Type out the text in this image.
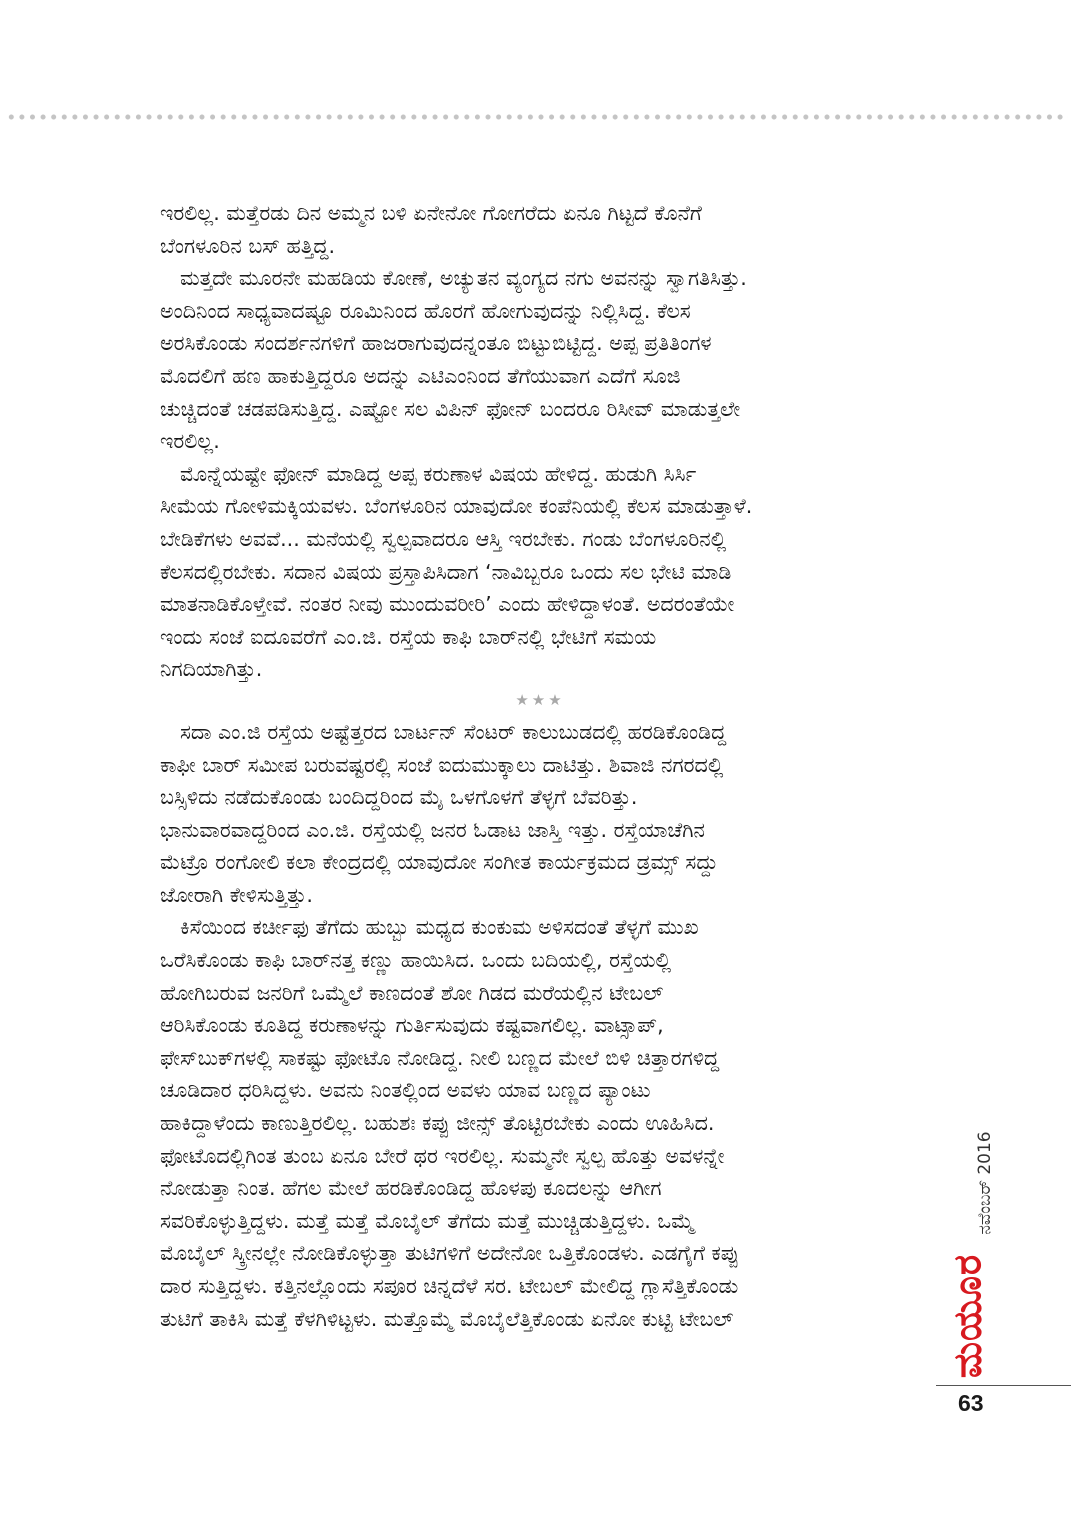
ಇರಲಿಲ್ಲ. ಮತ್ತೆರಡು ದಿನ ಅಮ್ಮನ ಬಳಿ ಏನೇನೋ ಗೋಗರೆದು ಏನೂ ಗಿಟ್ಟದೆ ಕೊನೆಗೆ

ಬೆಂಗಳೂರಿನ ಬಸ್ ಹತ್ತಿದ್ದ.

ಮತ್ತದೇ ಮೂರನೇ ಮಹಡಿಯ ಕೋಣೆ, ಅಚ್ಯುತನ ವ್ಯಂಗ್ಯದ ನಗು ಅವನನ್ನು ಸ್ವಾಗತಿಸಿತ್ತು.

ಅಂದಿನಿಂದ ಸಾಧ್ಯವಾದಷ್ಟೂ ರೂಮಿನಿಂದ ಹೊರಗೆ ಹೋಗುವುದನ್ನು ನಿಲ್ಲಿಸಿದ್ದ. ಕೆಲಸ

ಅರಸಿಕೊಂಡು ಸಂದರ್ಶನಗಳಿಗೆ ಹಾಜರಾಗುವುದನ್ನಂತೂ ಬಿಟ್ಟುಬಿಟ್ಟಿದ್ದ. ಅಪ್ಪ ಪ್ರತಿತಿಂಗಳ

ಮೊದಲಿಗೆ ಹಣ ಹಾಕುತ್ತಿದ್ದರೂ ಅದನ್ನು ಎಟಿಎಂನಿಂದ ತೆಗೆಯುವಾಗ ಎದೆಗೆ ಸೂಜಿ

ಚುಚ್ಚಿದಂತೆ ಚಡಪಡಿಸುತ್ತಿದ್ದ. ಎಷ್ಟೋ ಸಲ ವಿಪಿನ್ ಫೋನ್ ಬಂದರೂ ರಿಸೀವ್ ಮಾಡುತ್ತಲೇ

ಇರಲಿಲ್ಲ.

ಮೊನ್ನೆಯಷ್ಟೇ ಫೋನ್ ಮಾಡಿದ್ದ ಅಪ್ಪ ಕರುಣಾಳ ವಿಷಯ ಹೇಳಿದ್ದ. ಹುಡುಗಿ ಸಿರ್ಸಿ

ಸೀಮೆಯ ಗೋಳಿಮಕ್ಕಿಯವಳು. ಬೆಂಗಳೂರಿನ ಯಾವುದೋ ಕಂಪೆನಿಯಲ್ಲಿ ಕೆಲಸ ಮಾಡುತ್ತಾಳೆ.

ಬೇಡಿಕೆಗಳು ಅವವೆ... ಮನೆಯಲ್ಲಿ ಸ್ವಲ್ಪವಾದರೂ ಆಸ್ತಿ ಇರಬೇಕು. ಗಂಡು ಬೆಂಗಳೂರಿನಲ್ಲಿ

ಕೆಲಸದಲ್ಲಿರಬೇಕು. ಸದಾನ ವಿಷಯ ಪ್ರಸ್ತಾಪಿಸಿದಾಗ ‘ನಾವಿಬ್ಬರೂ ಒಂದು ಸಲ ಭೇಟಿ ಮಾಡಿ

ಮಾತನಾಡಿಕೊಳ್ತೇವೆ. ನಂತರ ನೀವು ಮುಂದುವರೀರಿ’ ಎಂದು ಹೇಳಿದ್ದಾಳಂತೆ. ಅದರಂತೆಯೇ

ಇಂದು ಸಂಜೆ ಐದೂವರೆಗೆ ಎಂ.ಜಿ. ರಸ್ತೆಯ ಕಾಫಿ ಬಾರ್‌ನಲ್ಲಿ ಭೇಟಿಗೆ ಸಮಯ

ನಿಗದಿಯಾಗಿತ್ತು.

★★★

ಸದಾ ಎಂ.ಜಿ ರಸ್ತೆಯ ಅಷ್ಟೆತ್ತರದ ಬಾರ್ಟನ್ ಸೆಂಟರ್ ಕಾಲುಬುಡದಲ್ಲಿ ಹರಡಿಕೊಂಡಿದ್ದ

ಕಾಫೀ ಬಾರ್ ಸಮೀಪ ಬರುವಷ್ಟರಲ್ಲಿ ಸಂಜೆ ಐದುಮುಕ್ಕಾಲು ದಾಟಿತ್ತು. ಶಿವಾಜಿ ನಗರದಲ್ಲಿ

ಬಸ್ಸಿಳಿದು ನಡೆದುಕೊಂಡು ಬಂದಿದ್ದರಿಂದ ಮೈ ಒಳಗೊಳಗೆ ತೆಳ್ಳಗೆ ಬೆವರಿತ್ತು.

ಭಾನುವಾರವಾದ್ದರಿಂದ ಎಂ.ಜಿ. ರಸ್ತೆಯಲ್ಲಿ ಜನರ ಓಡಾಟ ಜಾಸ್ತಿ ಇತ್ತು. ರಸ್ತೆಯಾಚೆಗಿನ

ಮೆಟ್ರೊ ರಂಗೋಲಿ ಕಲಾ ಕೇಂದ್ರದಲ್ಲಿ ಯಾವುದೋ ಸಂಗೀತ ಕಾರ್ಯಕ್ರಮದ ಡ್ರಮ್ಸ್ ಸದ್ದು

ಜೋರಾಗಿ ಕೇಳಿಸುತ್ತಿತ್ತು.

ಕಿಸೆಯಿಂದ ಕರ್ಚೀಫು ತೆಗೆದು ಹುಬ್ಬು ಮಧ್ಯದ ಕುಂಕುಮ ಅಳಿಸದಂತೆ ತೆಳ್ಳಗೆ ಮುಖ

ಒರೆಸಿಕೊಂಡು ಕಾಫಿ ಬಾರ್‌ನತ್ತ ಕಣ್ಣು ಹಾಯಿಸಿದ. ಒಂದು ಬದಿಯಲ್ಲಿ, ರಸ್ತೆಯಲ್ಲಿ

ಹೋಗಿಬರುವ ಜನರಿಗೆ ಒಮ್ಮೆಲೆ ಕಾಣದಂತೆ ಶೋ ಗಿಡದ ಮರೆಯಲ್ಲಿನ ಟೇಬಲ್

ಆರಿಸಿಕೊಂಡು ಕೂತಿದ್ದ ಕರುಣಾಳನ್ನು ಗುರ್ತಿಸುವುದು ಕಷ್ಟವಾಗಲಿಲ್ಲ. ವಾಟ್ಸಾಪ್,

ಫೇಸ್‌ಬುಕ್‌ಗಳಲ್ಲಿ ಸಾಕಷ್ಟು ಫೋಟೊ ನೋಡಿದ್ದ. ನೀಲಿ ಬಣ್ಣದ ಮೇಲೆ ಬಿಳಿ ಚಿತ್ತಾರಗಳಿದ್ದ

ಚೂಡಿದಾರ ಧರಿಸಿದ್ದಳು. ಅವನು ನಿಂತಲ್ಲಿಂದ ಅವಳು ಯಾವ ಬಣ್ಣದ ಪ್ಯಾಂಟು

ಹಾಕಿದ್ದಾಳೆಂದು ಕಾಣುತ್ತಿರಲಿಲ್ಲ. ಬಹುಶಃ ಕಪ್ಪು ಜೀನ್ಸ್ ತೊಟ್ಟಿರಬೇಕು ಎಂದು ಊಹಿಸಿದ.

ಫೋಟೊದಲ್ಲಿಗಿಂತ ತುಂಬ ಏನೂ ಬೇರೆ ಥರ ಇರಲಿಲ್ಲ. ಸುಮ್ಮನೇ ಸ್ವಲ್ಪ ಹೊತ್ತು ಅವಳನ್ನೇ

ನೋಡುತ್ತಾ ನಿಂತ. ಹೆಗಲ ಮೇಲೆ ಹರಡಿಕೊಂಡಿದ್ದ ಹೊಳಪು ಕೂದಲನ್ನು ಆಗೀಗ

ಸವರಿಕೊಳ್ಳುತ್ತಿದ್ದಳು. ಮತ್ತೆ ಮತ್ತೆ ಮೊಬೈಲ್ ತೆಗೆದು ಮತ್ತೆ ಮುಚ್ಚಿಡುತ್ತಿದ್ದಳು. ಒಮ್ಮೆ

ಮೊಬೈಲ್ ಸ್ಕ್ರೀನಲ್ಲೇ ನೋಡಿಕೊಳ್ಳುತ್ತಾ ತುಟಿಗಳಿಗೆ ಅದೇನೋ ಒತ್ತಿಕೊಂಡಳು. ಎಡಗೈಗೆ ಕಪ್ಪು

ದಾರ ಸುತ್ತಿದ್ದಳು. ಕತ್ತಿನಲ್ಲೊಂದು ಸಪೂರ ಚಿನ್ನದೆಳೆ ಸರ. ಟೇಬಲ್ ಮೇಲಿದ್ದ ಗ್ಲಾಸೆತ್ತಿಕೊಂಡು

ತುಟಿಗೆ ತಾಕಿಸಿ ಮತ್ತೆ ಕೆಳಗಿಳಿಟ್ಟಳು. ಮತ್ತೊಮ್ಮೆ ಮೊಬೈಲೆತ್ತಿಕೊಂಡು ಏನೋ ಕುಟ್ಟಿ ಟೇಬಲ್

ನವೆಂಬರ್ 2016
ಮಯೂರ
63
